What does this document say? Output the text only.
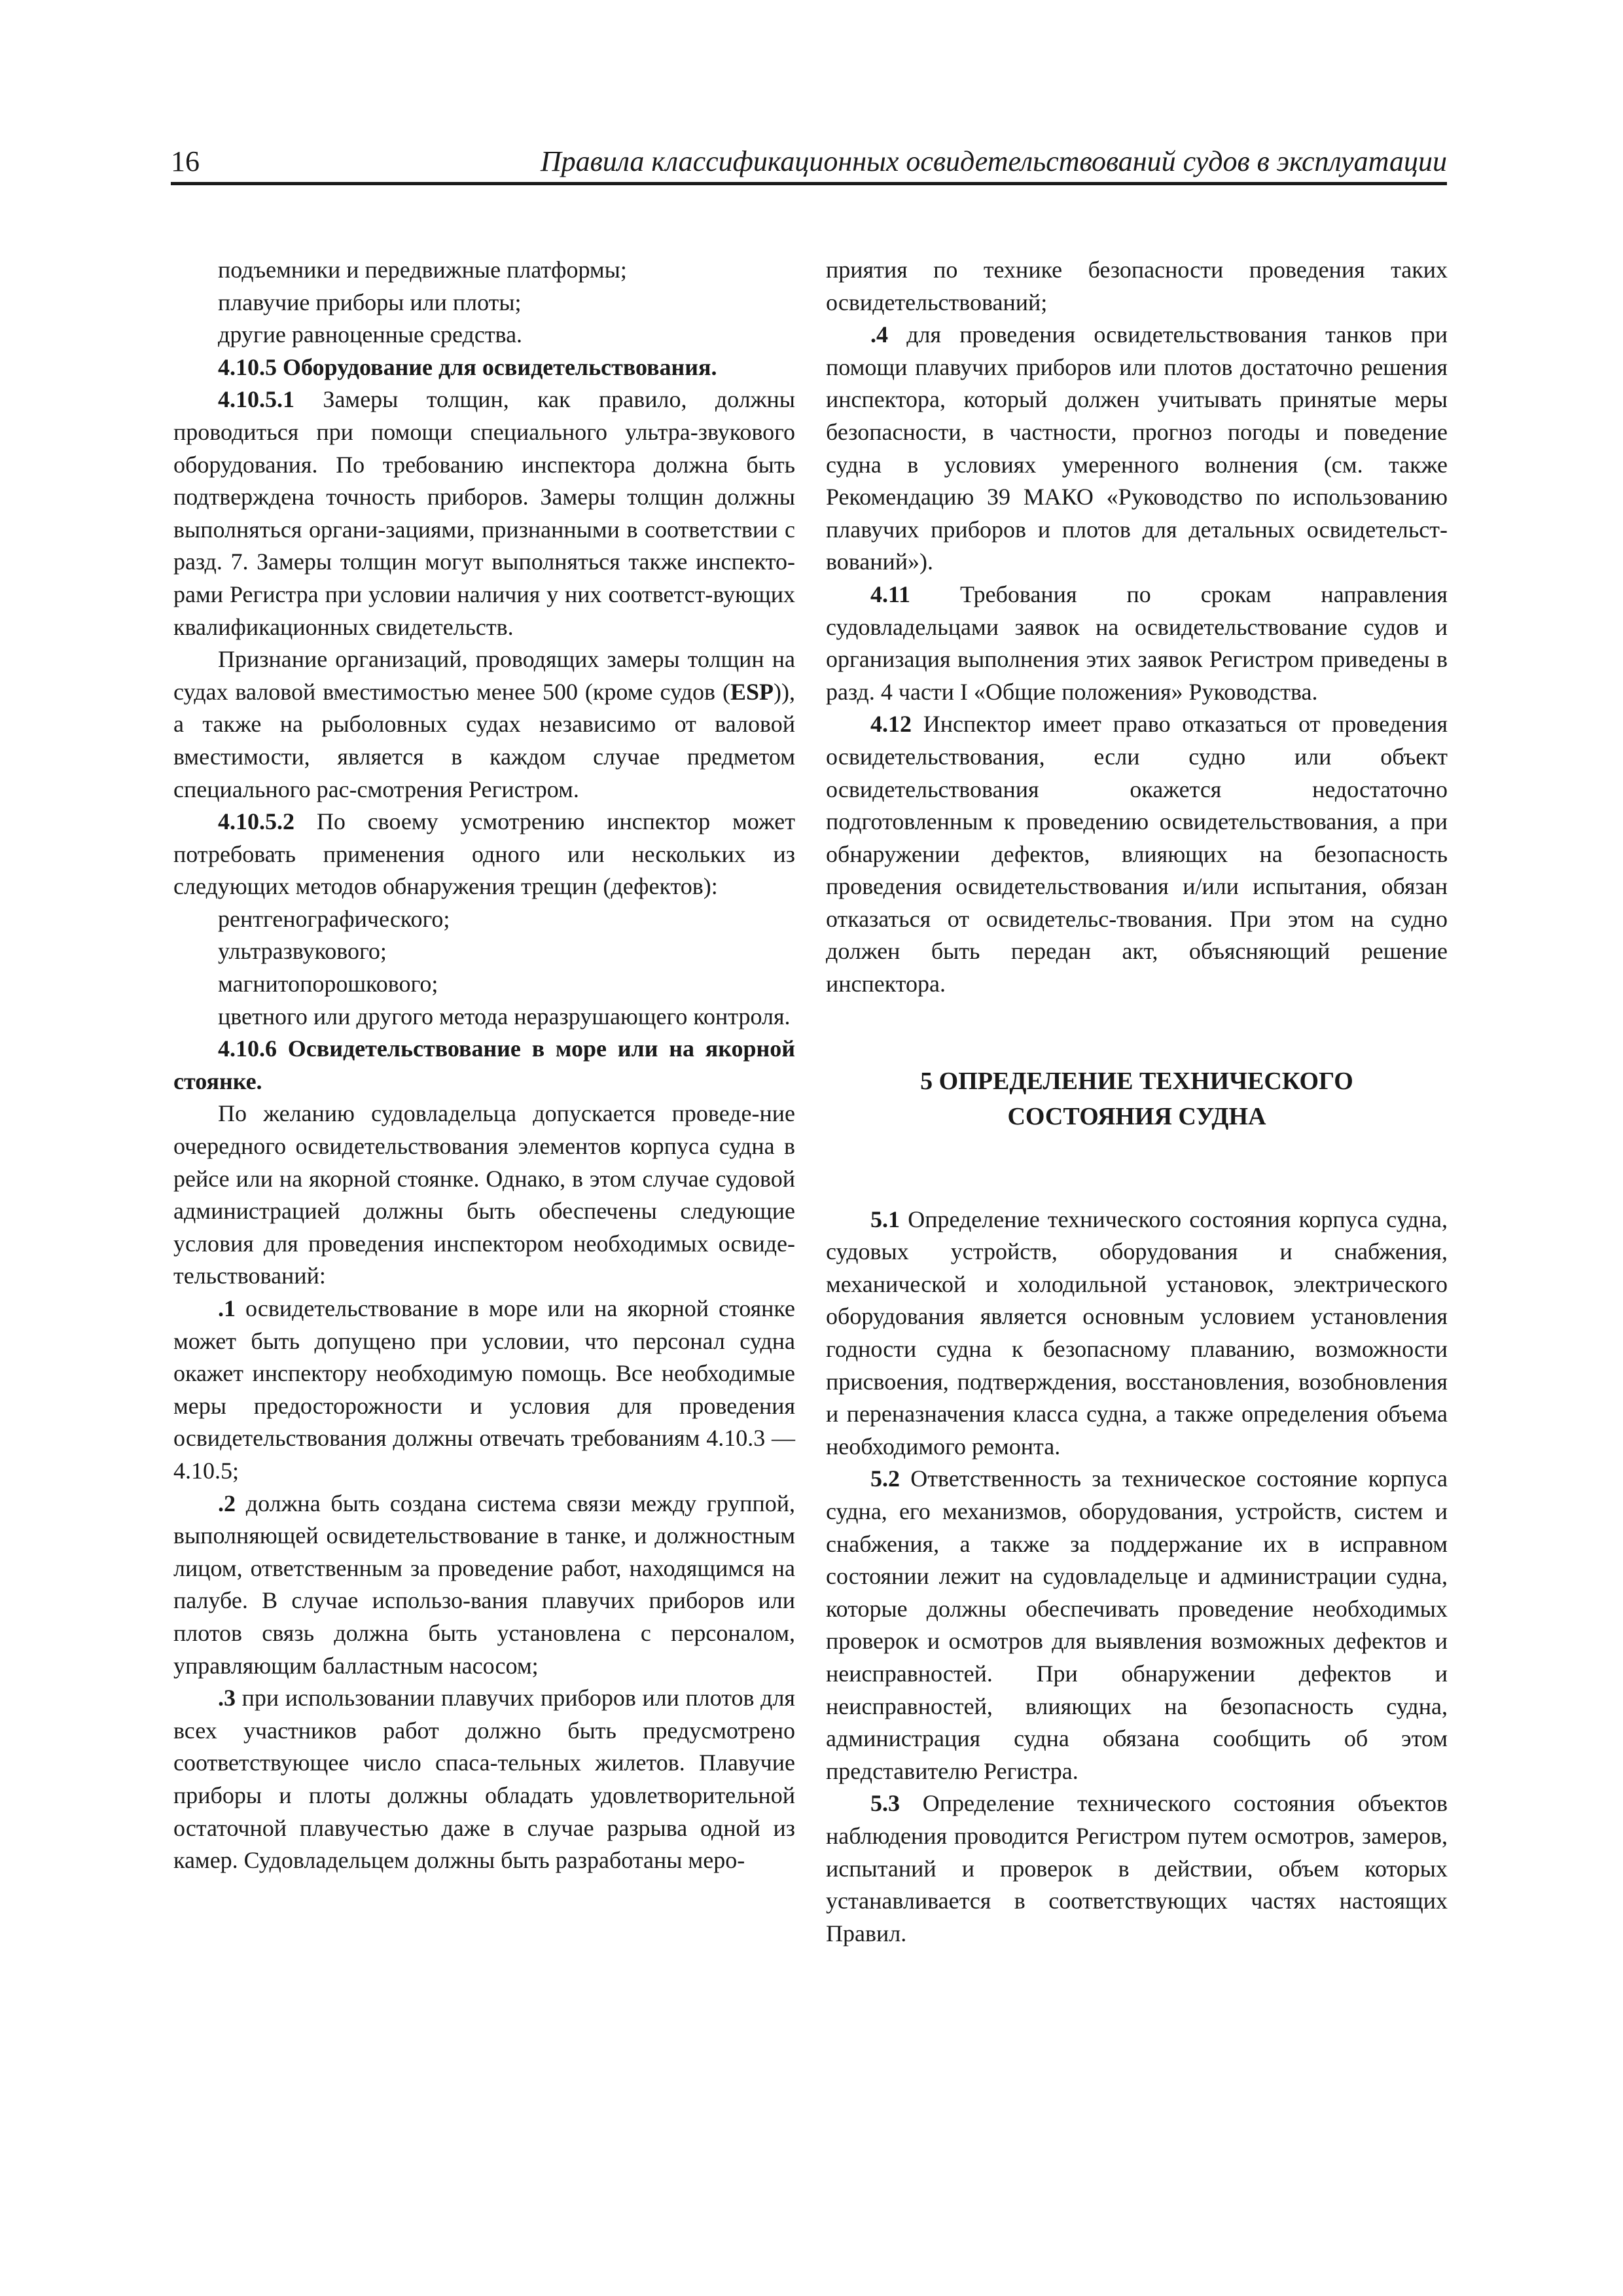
16	Правила классификационных освидетельствований судов в эксплуатации

подъемники и передвижные платформы;

плавучие приборы или плоты;

другие равноценные средства.

4.10.5 Оборудование для освидетельствования.

4.10.5.1 Замеры толщин, как правило, должны проводиться при помощи специального ультра-звукового оборудования. По требованию инспектора должна быть подтверждена точность приборов. Замеры толщин должны выполняться органи-зациями, признанными в соответствии с разд. 7. Замеры толщин могут выполняться также инспекто-рами Регистра при условии наличия у них соответст-вующих квалификационных свидетельств.

Признание организаций, проводящих замеры толщин на судах валовой вместимостью менее 500 (кроме судов (ESP)), а также на рыболовных судах независимо от валовой вместимости, является в каждом случае предметом специального рас-смотрения Регистром.

4.10.5.2 По своему усмотрению инспектор может потребовать применения одного или нескольких из следующих методов обнаружения трещин (дефектов):

рентгенографического;

ультразвукового;

магнитопорошкового;

цветного или другого метода неразрушающего контроля.

4.10.6 Освидетельствование в море или на якорной стоянке.

По желанию судовладельца допускается проведе-ние очередного освидетельствования элементов корпуса судна в рейсе или на якорной стоянке. Однако, в этом случае судовой администрацией должны быть обеспечены следующие условия для проведения инспектором необходимых освиде-тельствований:

.1 освидетельствование в море или на якорной стоянке может быть допущено при условии, что персонал судна окажет инспектору необходимую помощь. Все необходимые меры предосторожности и условия для проведения освидетельствования должны отвечать требованиям 4.10.3 — 4.10.5;

.2 должна быть создана система связи между группой, выполняющей освидетельствование в танке, и должностным лицом, ответственным за проведение работ, находящимся на палубе. В случае использо-вания плавучих приборов или плотов связь должна быть установлена с персоналом, управляющим балластным насосом;

.3 при использовании плавучих приборов или плотов для всех участников работ должно быть предусмотрено соответствующее число спаса-тельных жилетов. Плавучие приборы и плоты должны обладать удовлетворительной остаточной плавучестью даже в случае разрыва одной из камер. Судовладельцем должны быть разработаны меро-

приятия по технике безопасности проведения таких освидетельствований;

.4 для проведения освидетельствования танков при помощи плавучих приборов или плотов достаточно решения инспектора, который должен учитывать принятые меры безопасности, в частности, прогноз погоды и поведение судна в условиях умеренного волнения (см. также Рекомендацию 39 МАКО «Руководство по использованию плавучих приборов и плотов для детальных освидетельст-вований»).

4.11 Требования по срокам направления судовладельцами заявок на освидетельствование судов и организация выполнения этих заявок Регистром приведены в разд. 4 части I «Общие положения» Руководства.

4.12 Инспектор имеет право отказаться от проведения освидетельствования, если судно или объект освидетельствования окажется недостаточно подготовленным к проведению освидетельствования, а при обнаружении дефектов, влияющих на безопасность проведения освидетельствования и/или испытания, обязан отказаться от освидетельс-твования. При этом на судно должен быть передан акт, объясняющий решение инспектора.

5 ОПРЕДЕЛЕНИЕ ТЕХНИЧЕСКОГО
СОСТОЯНИЯ СУДНА

5.1 Определение технического состояния корпуса судна, судовых устройств, оборудования и снабжения, механической и холодильной установок, электрического оборудования является основным условием установления годности судна к безопасному плаванию, возможности присвоения, подтверждения, восстановления, возобновления и переназначения класса судна, а также определения объема необходимого ремонта.

5.2 Ответственность за техническое состояние корпуса судна, его механизмов, оборудования, устройств, систем и снабжения, а также за поддержание их в исправном состоянии лежит на судовладельце и администрации судна, которые должны обеспечивать проведение необходимых проверок и осмотров для выявления возможных дефектов и неисправностей. При обнаружении дефектов и неисправностей, влияющих на безопасность судна, администрация судна обязана сообщить об этом представителю Регистра.

5.3 Определение технического состояния объектов наблюдения проводится Регистром путем осмотров, замеров, испытаний и проверок в действии, объем которых устанавливается в соответствующих частях настоящих Правил.
